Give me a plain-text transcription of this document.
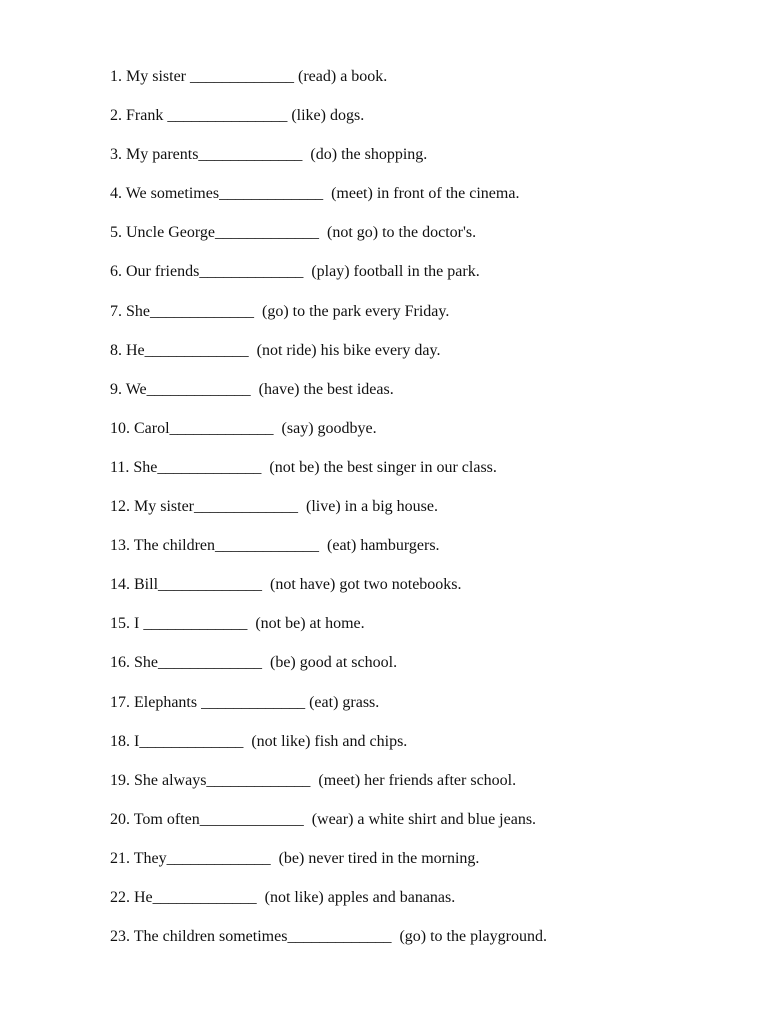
1. My sister _____________ (read) a book.
2. Frank _______________ (like) dogs.
3. My parents_____________  (do) the shopping.
4. We sometimes_____________  (meet) in front of the cinema.
5. Uncle George_____________  (not go) to the doctor's.
6. Our friends_____________  (play) football in the park.
7. She_____________  (go) to the park every Friday.
8. He_____________  (not ride) his bike every day.
9. We_____________  (have) the best ideas.
10. Carol_____________  (say) goodbye.
11. She_____________  (not be) the best singer in our class.
12. My sister_____________  (live) in a big house.
13. The children_____________  (eat) hamburgers.
14. Bill_____________  (not have) got two notebooks.
15. I _____________  (not be) at home.
16. She_____________  (be) good at school.
17. Elephants _____________ (eat) grass.
18. I_____________  (not like) fish and chips.
19. She always_____________  (meet) her friends after school.
20. Tom often_____________  (wear) a white shirt and blue jeans.
21. They_____________  (be) never tired in the morning.
22. He_____________  (not like) apples and bananas.
23. The children sometimes_____________  (go) to the playground.
